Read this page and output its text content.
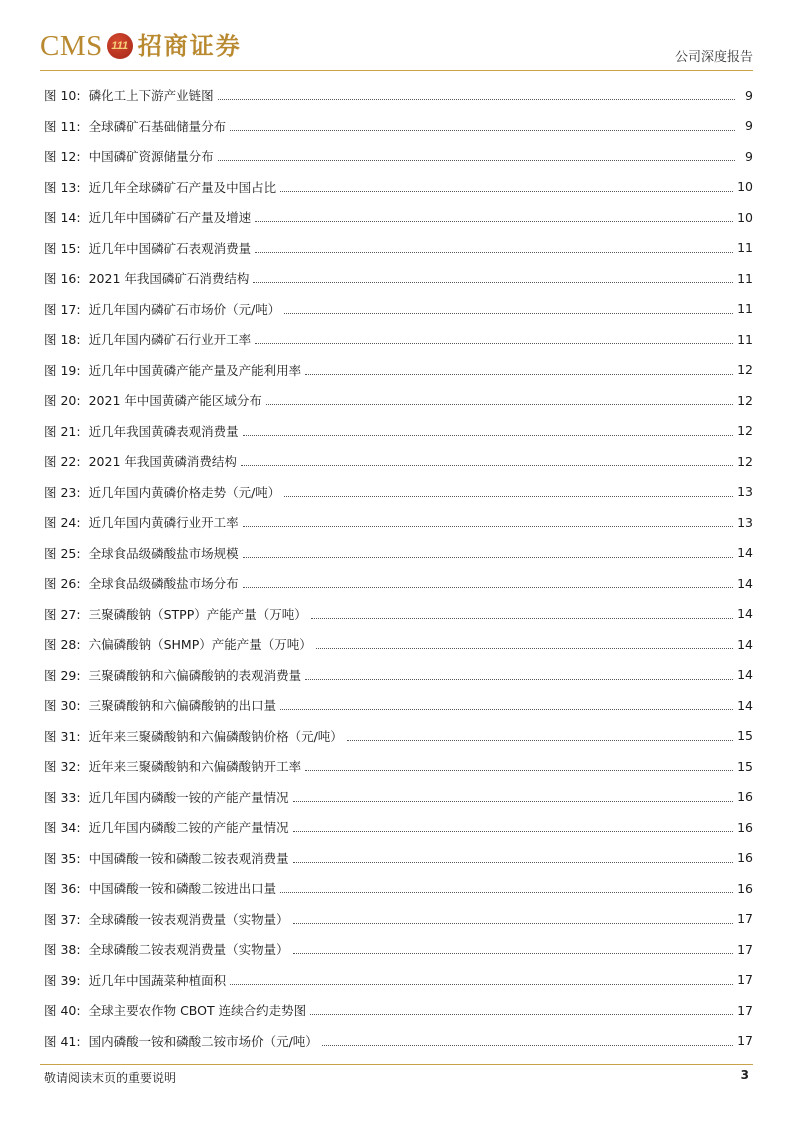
CMS 111 招商证券	公司深度报告
图 10: 磷化工上下游产业链图	9
图 11: 全球磷矿石基础储量分布	9
图 12: 中国磷矿资源储量分布	9
图 13: 近几年全球磷矿石产量及中国占比	10
图 14: 近几年中国磷矿石产量及增速	10
图 15: 近几年中国磷矿石表观消费量	11
图 16: 2021 年我国磷矿石消费结构	11
图 17: 近几年国内磷矿石市场价（元/吨）	11
图 18: 近几年国内磷矿石行业开工率	11
图 19: 近几年中国黄磷产能产量及产能利用率	12
图 20: 2021 年中国黄磷产能区域分布	12
图 21: 近几年我国黄磷表观消费量	12
图 22: 2021 年我国黄磷消费结构	12
图 23: 近几年国内黄磷价格走势（元/吨）	13
图 24: 近几年国内黄磷行业开工率	13
图 25: 全球食品级磷酸盐市场规模	14
图 26: 全球食品级磷酸盐市场分布	14
图 27: 三聚磷酸钠（STPP）产能产量（万吨）	14
图 28: 六偏磷酸钠（SHMP）产能产量（万吨）	14
图 29: 三聚磷酸钠和六偏磷酸钠的表观消费量	14
图 30: 三聚磷酸钠和六偏磷酸钠的出口量	14
图 31: 近年来三聚磷酸钠和六偏磷酸钠价格（元/吨）	15
图 32: 近年来三聚磷酸钠和六偏磷酸钠开工率	15
图 33: 近几年国内磷酸一铵的产能产量情况	16
图 34: 近几年国内磷酸二铵的产能产量情况	16
图 35: 中国磷酸一铵和磷酸二铵表观消费量	16
图 36: 中国磷酸一铵和磷酸二铵进出口量	16
图 37: 全球磷酸一铵表观消费量（实物量）	17
图 38: 全球磷酸二铵表观消费量（实物量）	17
图 39: 近几年中国蔬菜种植面积	17
图 40: 全球主要农作物 CBOT 连续合约走势图	17
图 41: 国内磷酸一铵和磷酸二铵市场价（元/吨）	17
敬请阅读末页的重要说明	3
